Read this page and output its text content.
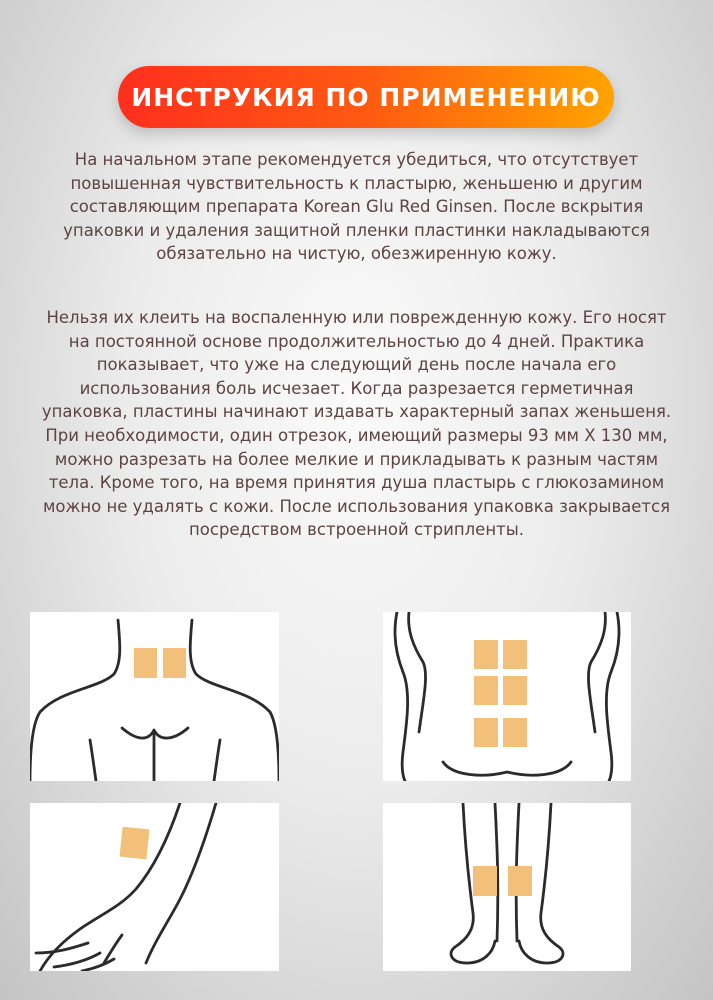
ИНСТРУКИЯ ПО ПРИМЕНЕНИЮ

На начальном этапе рекомендуется убедиться, что отсутствует повышенная чувствительность к пластырю, женьшеню и другим составляющим препарата Korean Glu Red Ginsen. После вскрытия упаковки и удаления защитной пленки пластинки накладываются обязательно на чистую, обезжиренную кожу.

Нельзя их клеить на воспаленную или поврежденную кожу. Его носят на постоянной основе продолжительностью до 4 дней. Практика показывает, что уже на следующий день после начала его использования боль исчезает. Когда разрезается герметичная упаковка, пластины начинают издавать характерный запах женьшеня. При необходимости, один отрезок, имеющий размеры 93 мм Х 130 мм, можно разрезать на более мелкие и прикладывать к разным частям тела. Кроме того, на время принятия душа пластырь с глюкозамином можно не удалять с кожи. После использования упаковка закрывается посредством встроенной стрипленты.
